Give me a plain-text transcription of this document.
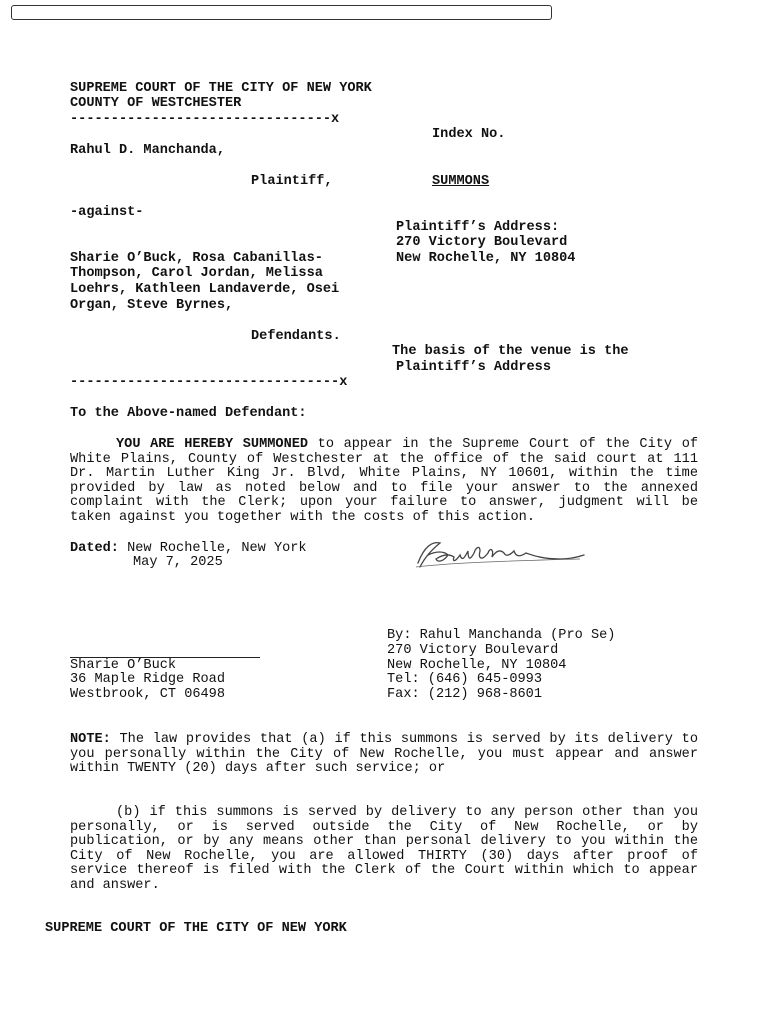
SUPREME COURT OF THE CITY OF NEW YORK
COUNTY OF WESTCHESTER
--------------------------------x
Index No.
Rahul D. Manchanda,
Plaintiff,	SUMMONS
-against-
Plaintiff’s Address:
270 Victory Boulevard
New Rochelle, NY 10804
Sharie O’Buck, Rosa Cabanillas-
Thompson, Carol Jordan, Melissa
Loehrs, Kathleen Landaverde, Osei
Organ, Steve Byrnes,
Defendants.
The basis of the venue is the
Plaintiff’s Address
---------------------------------x
To the Above-named Defendant:
YOU ARE HEREBY SUMMONED to appear in the Supreme Court of the City of White Plains, County of Westchester at the office of the said court at 111 Dr. Martin Luther King Jr. Blvd, White Plains, NY 10601, within the time provided by law as noted below and to file your answer to the annexed complaint with the Clerk; upon your failure to answer, judgment will be taken against you together with the costs of this action.
Dated: New Rochelle, New York
May 7, 2025
By: Rahul Manchanda (Pro Se)
270 Victory Boulevard
New Rochelle, NY 10804
Tel: (646) 645-0993
Fax: (212) 968-8601
Sharie O’Buck
36 Maple Ridge Road
Westbrook, CT 06498
NOTE: The law provides that (a) if this summons is served by its delivery to you personally within the City of New Rochelle, you must appear and answer within TWENTY (20) days after such service; or
(b) if this summons is served by delivery to any person other than you personally, or is served outside the City of New Rochelle, or by publication, or by any means other than personal delivery to you within the City of New Rochelle, you are allowed THIRTY (30) days after proof of service thereof is filed with the Clerk of the Court within which to appear and answer.
SUPREME COURT OF THE CITY OF NEW YORK
